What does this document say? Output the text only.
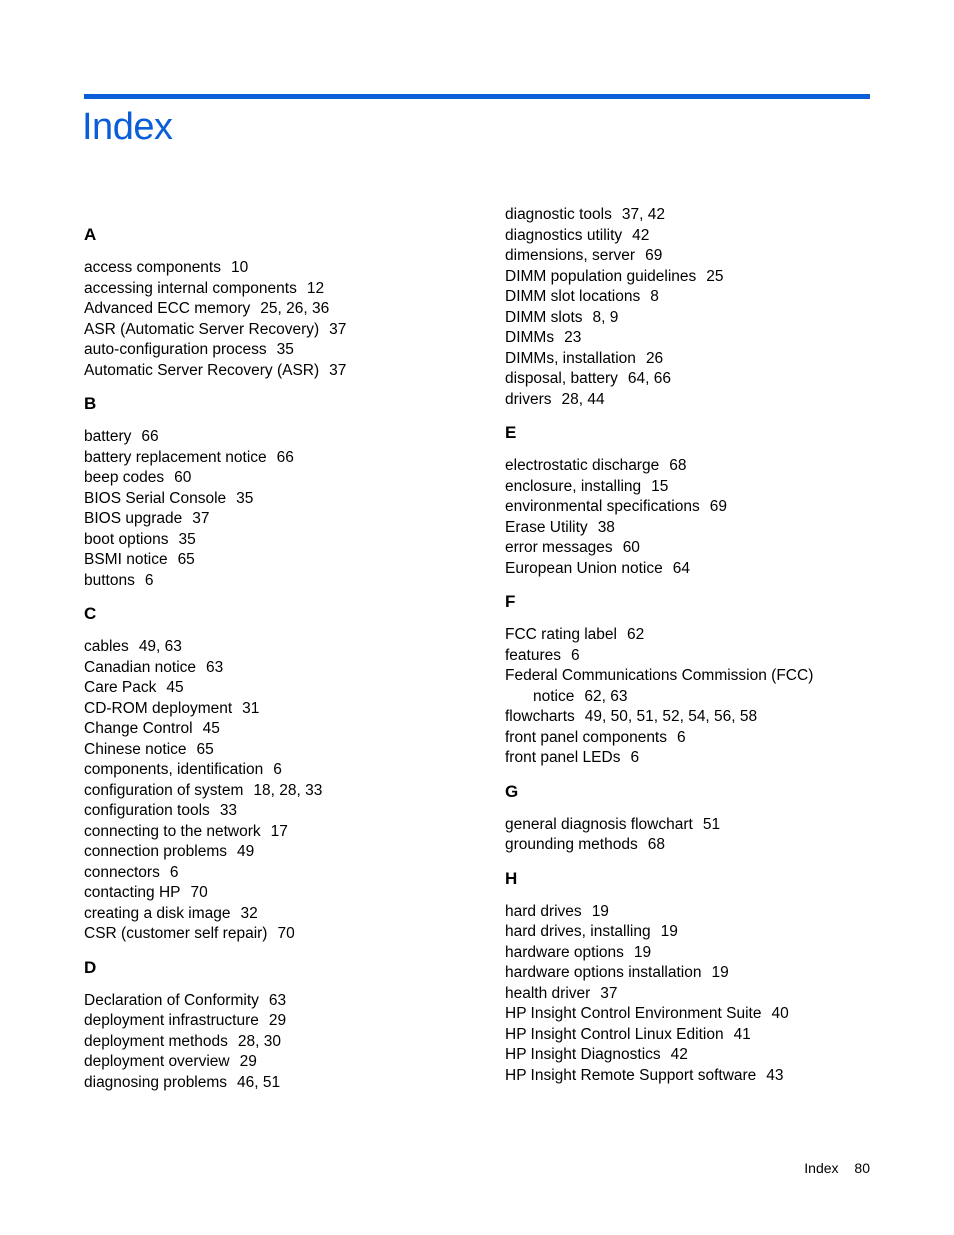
Index
A
access components 10
accessing internal components 12
Advanced ECC memory 25, 26, 36
ASR (Automatic Server Recovery) 37
auto-configuration process 35
Automatic Server Recovery (ASR) 37
B
battery 66
battery replacement notice 66
beep codes 60
BIOS Serial Console 35
BIOS upgrade 37
boot options 35
BSMI notice 65
buttons 6
C
cables 49, 63
Canadian notice 63
Care Pack 45
CD-ROM deployment 31
Change Control 45
Chinese notice 65
components, identification 6
configuration of system 18, 28, 33
configuration tools 33
connecting to the network 17
connection problems 49
connectors 6
contacting HP 70
creating a disk image 32
CSR (customer self repair) 70
D
Declaration of Conformity 63
deployment infrastructure 29
deployment methods 28, 30
deployment overview 29
diagnosing problems 46, 51
diagnostic tools 37, 42
diagnostics utility 42
dimensions, server 69
DIMM population guidelines 25
DIMM slot locations 8
DIMM slots 8, 9
DIMMs 23
DIMMs, installation 26
disposal, battery 64, 66
drivers 28, 44
E
electrostatic discharge 68
enclosure, installing 15
environmental specifications 69
Erase Utility 38
error messages 60
European Union notice 64
F
FCC rating label 62
features 6
Federal Communications Commission (FCC)
notice 62, 63
flowcharts 49, 50, 51, 52, 54, 56, 58
front panel components 6
front panel LEDs 6
G
general diagnosis flowchart 51
grounding methods 68
H
hard drives 19
hard drives, installing 19
hardware options 19
hardware options installation 19
health driver 37
HP Insight Control Environment Suite 40
HP Insight Control Linux Edition 41
HP Insight Diagnostics 42
HP Insight Remote Support software 43
Index 80
